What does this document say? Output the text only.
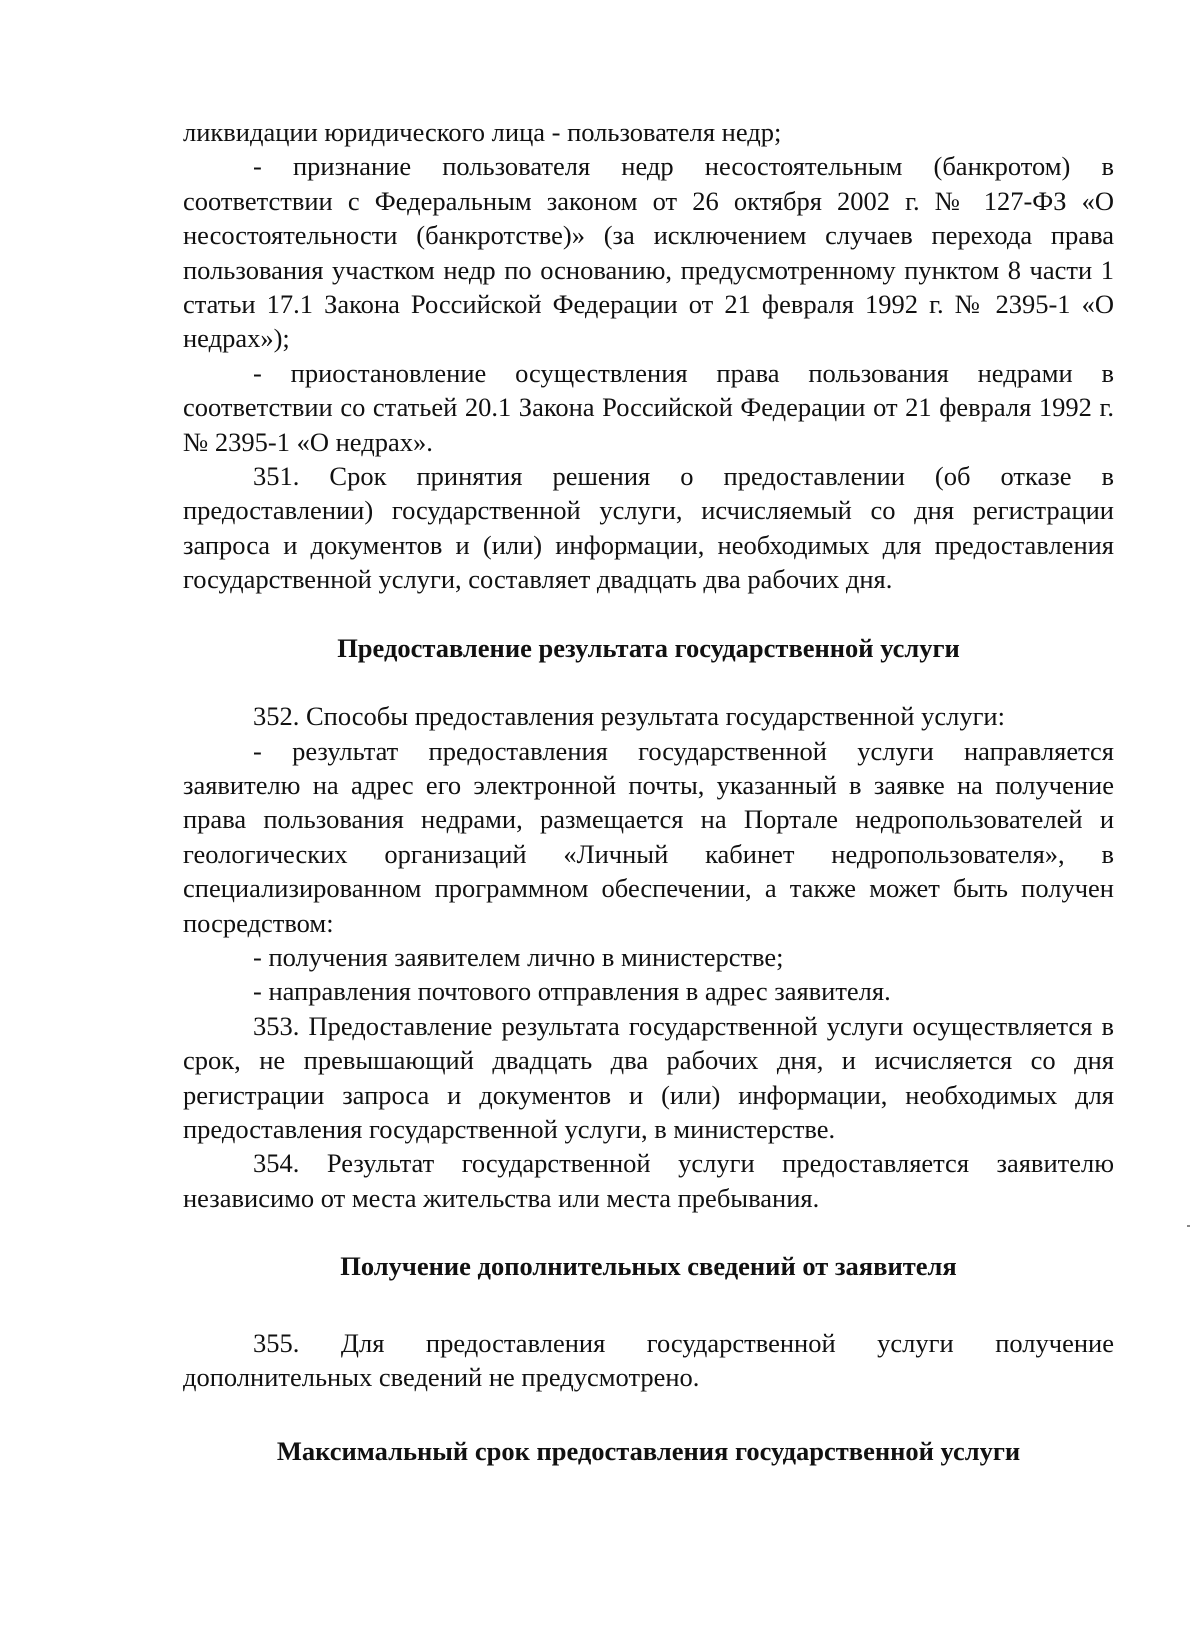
ликвидации юридического лица - пользователя недр;

- признание пользователя недр несостоятельным (банкротом) в соответствии с Федеральным законом от 26 октября 2002 г. № 127-ФЗ «О несостоятельности (банкротстве)» (за исключением случаев перехода права пользования участком недр по основанию, предусмотренному пунктом 8 части 1 статьи 17.1 Закона Российской Федерации от 21 февраля 1992 г. № 2395-1 «О недрах»);

- приостановление осуществления права пользования недрами в соответствии со статьей 20.1 Закона Российской Федерации от 21 февраля 1992 г. № 2395-1 «О недрах».

351. Срок принятия решения о предоставлении (об отказе в предоставлении) государственной услуги, исчисляемый со дня регистрации запроса и документов и (или) информации, необходимых для предоставления государственной услуги, составляет двадцать два рабочих дня.

Предоставление результата государственной услуги

352. Способы предоставления результата государственной услуги:

- результат предоставления государственной услуги направляется заявителю на адрес его электронной почты, указанный в заявке на получение права пользования недрами, размещается на Портале недропользователей и геологических организаций «Личный кабинет недропользователя», в специализированном программном обеспечении, а также может быть получен посредством:

- получения заявителем лично в министерстве;

- направления почтового отправления в адрес заявителя.

353. Предоставление результата государственной услуги осуществляется в срок, не превышающий двадцать два рабочих дня, и исчисляется со дня регистрации запроса и документов и (или) информации, необходимых для предоставления государственной услуги, в министерстве.

354. Результат государственной услуги предоставляется заявителю независимо от места жительства или места пребывания.

Получение дополнительных сведений от заявителя

355. Для предоставления государственной услуги получение дополнительных сведений не предусмотрено.

Максимальный срок предоставления государственной услуги
